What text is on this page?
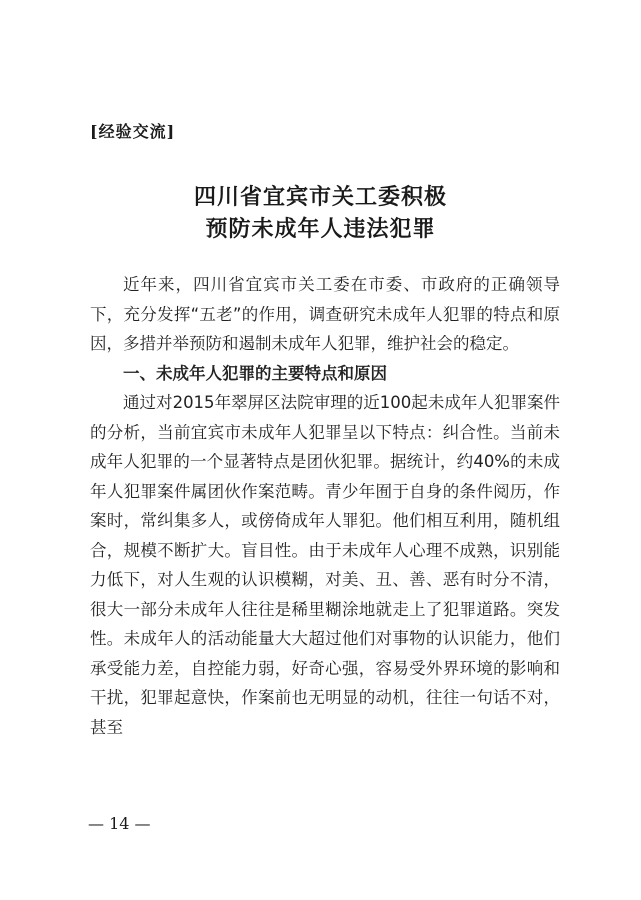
[经验交流]
四川省宜宾市关工委积极
预防未成年人违法犯罪

近年来，四川省宜宾市关工委在市委、市政府的正确领导下，充分发挥“五老”的作用，调查研究未成年人犯罪的特点和原因，多措并举预防和遏制未成年人犯罪，维护社会的稳定。

一、未成年人犯罪的主要特点和原因

通过对2015年翠屏区法院审理的近100起未成年人犯罪案件的分析，当前宜宾市未成年人犯罪呈以下特点：纠合性。当前未成年人犯罪的一个显著特点是团伙犯罪。据统计，约40%的未成年人犯罪案件属团伙作案范畴。青少年囿于自身的条件阅历，作案时，常纠集多人，或傍倚成年人罪犯。他们相互利用，随机组合，规模不断扩大。盲目性。由于未成年人心理不成熟，识别能力低下，对人生观的认识模糊，对美、丑、善、恶有时分不清，很大一部分未成年人往往是稀里糊涂地就走上了犯罪道路。突发性。未成年人的活动能量大大超过他们对事物的认识能力，他们承受能力差，自控能力弱，好奇心强，容易受外界环境的影响和干扰，犯罪起意快，作案前也无明显的动机，往往一句话不对，甚至

— 14 —
